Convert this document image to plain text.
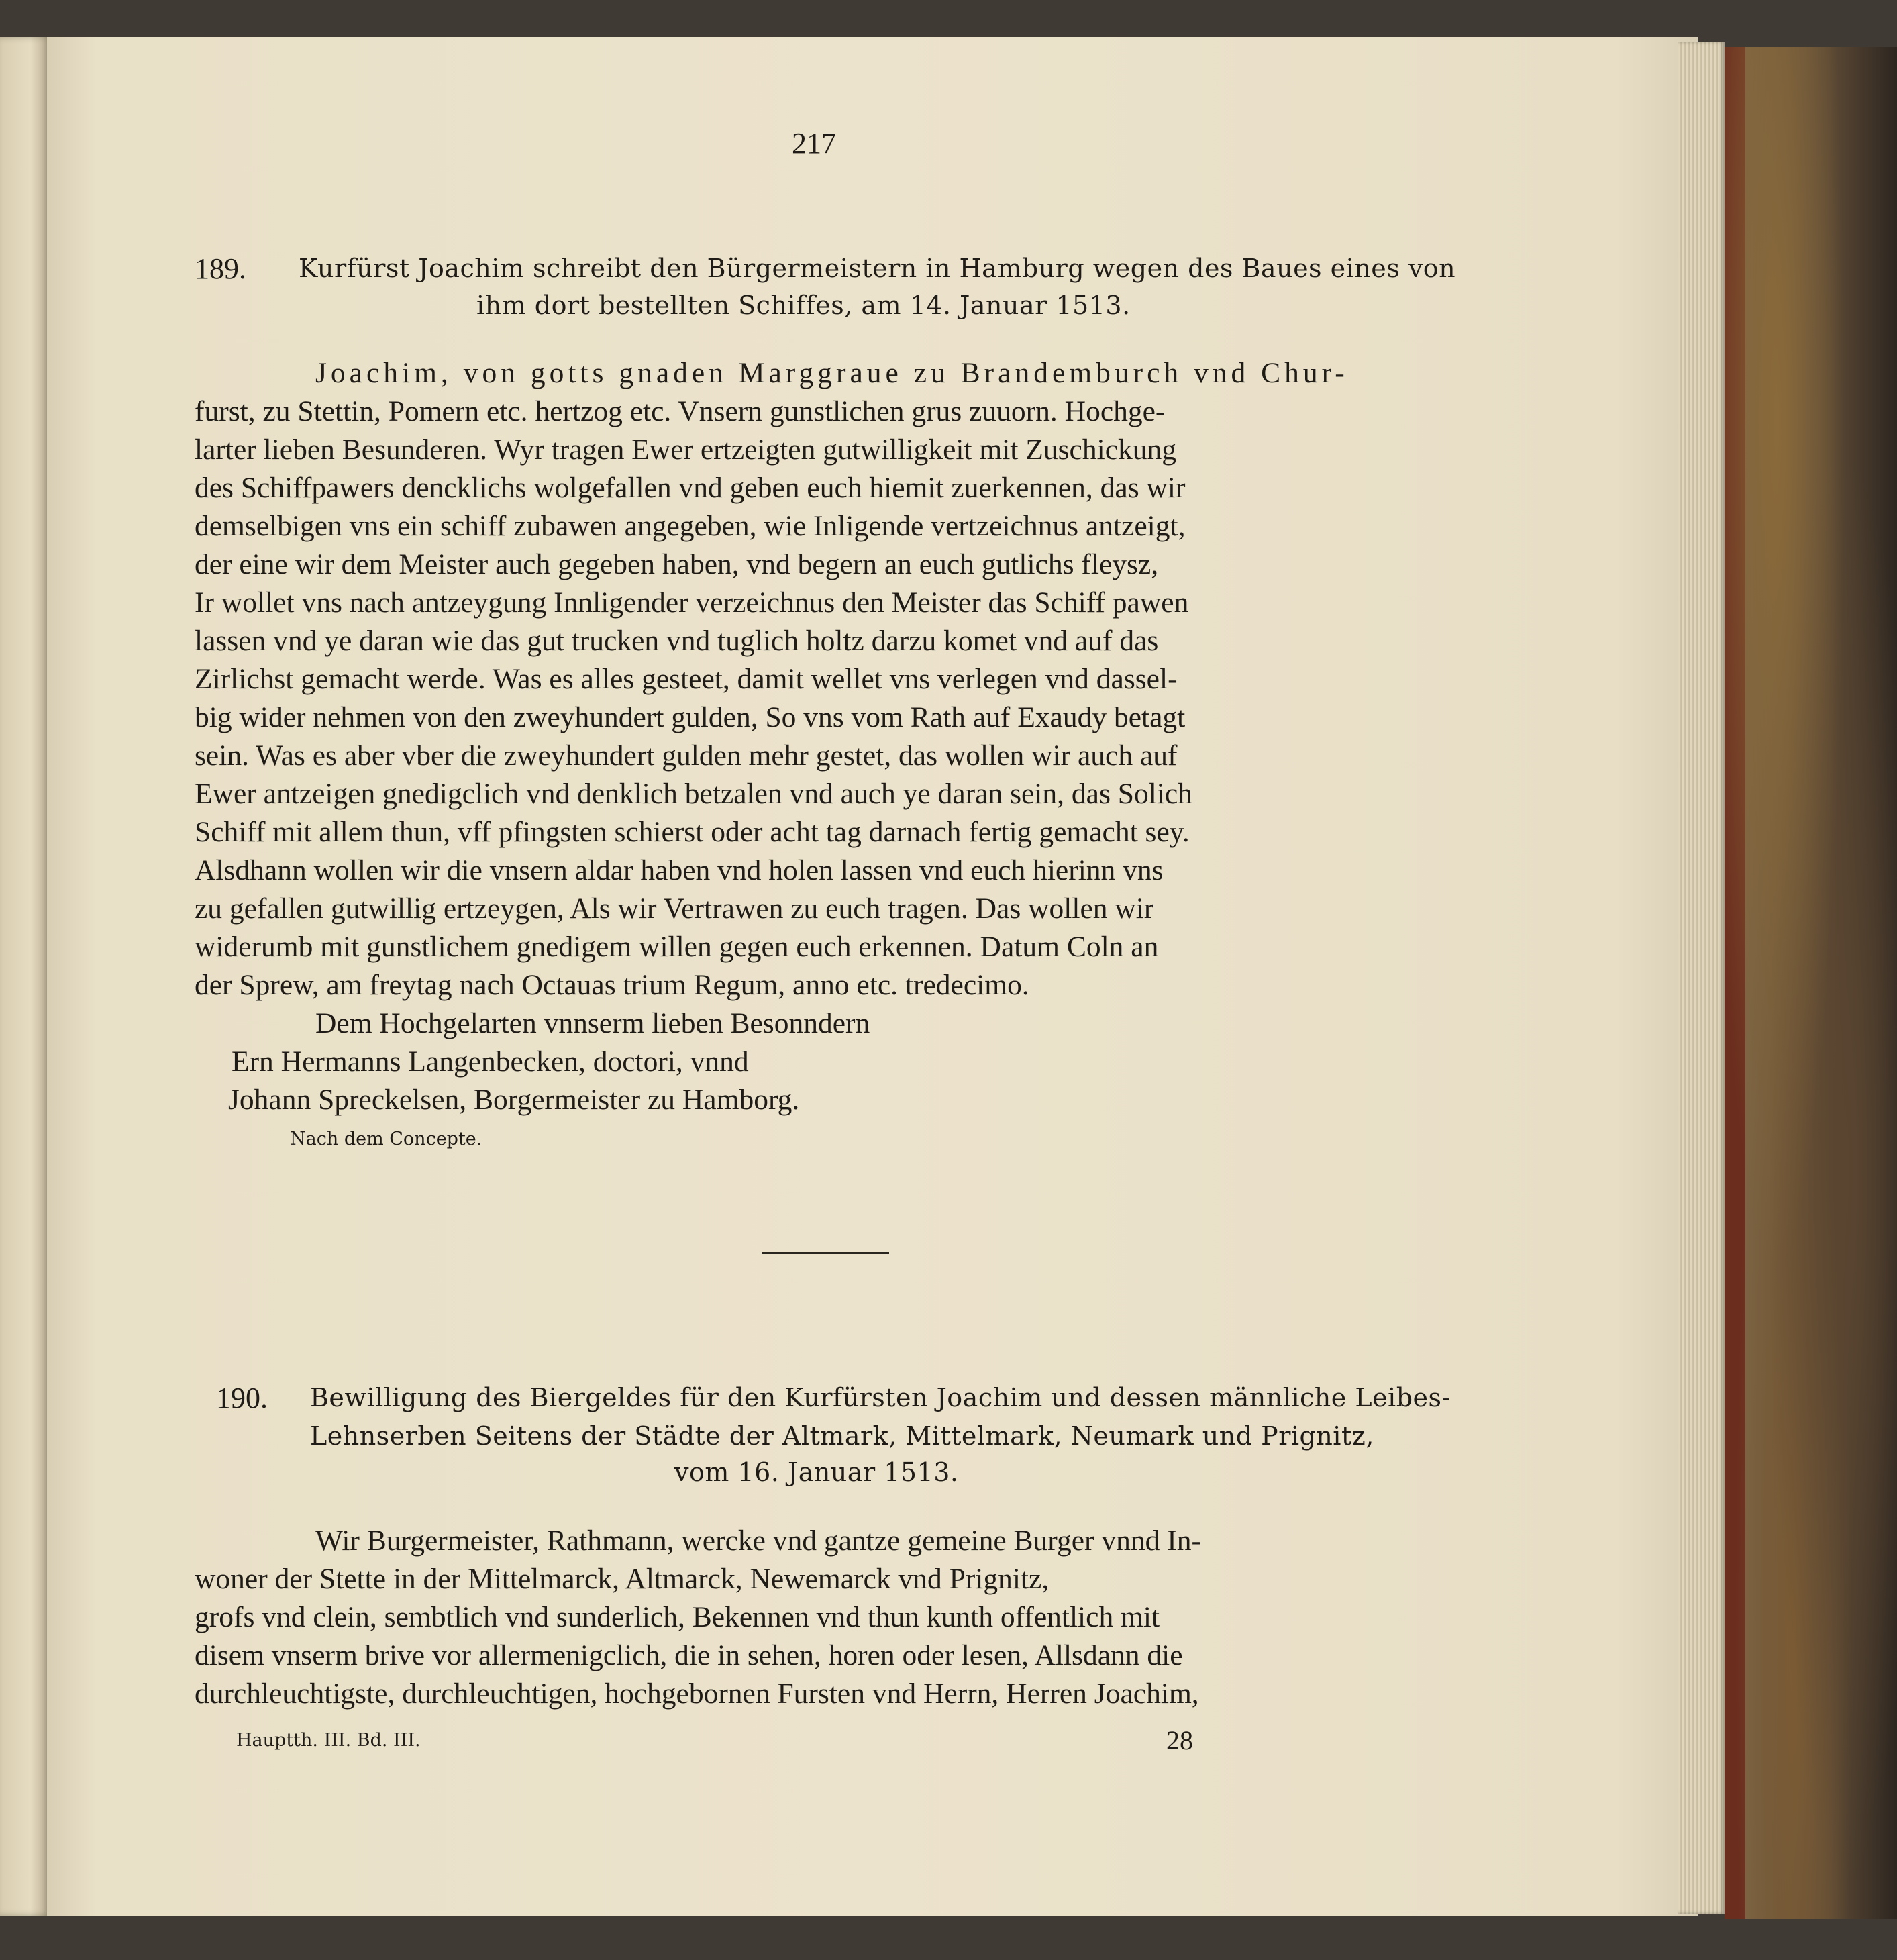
217
189. Kurfürst Joachim schreibt den Bürgermeistern in Hamburg wegen des Baues eines von
ihm dort bestellten Schiffes, am 14. Januar 1513.
Joachim, von gotts gnaden Marggraue zu Brandemburch vnd Chur-
furst, zu Stettin, Pomern etc. hertzog etc. Vnsern gunstlichen grus zuuorn. Hochge-
larter lieben Besunderen. Wyr tragen Ewer ertzeigten gutwilligkeit mit Zuschickung
des Schiffpawers dencklichs wolgefallen vnd geben euch hiemit zuerkennen, das wir
demselbigen vns ein schiff zubawen angegeben, wie Inligende vertzeichnus antzeigt,
der eine wir dem Meister auch gegeben haben, vnd begern an euch gutlichs fleysz,
Ir wollet vns nach antzeygung Innligender verzeichnus den Meister das Schiff pawen
lassen vnd ye daran wie das gut trucken vnd tuglich holtz darzu komet vnd auf das
Zirlichst gemacht werde. Was es alles gesteet, damit wellet vns verlegen vnd dassel-
big wider nehmen von den zweyhundert gulden, So vns vom Rath auf Exaudy betagt
sein. Was es aber vber die zweyhundert gulden mehr gestet, das wollen wir auch auf
Ewer antzeigen gnedigclich vnd denklich betzalen vnd auch ye daran sein, das Solich
Schiff mit allem thun, vff pfingsten schierst oder acht tag darnach fertig gemacht sey.
Alsdhann wollen wir die vnsern aldar haben vnd holen lassen vnd euch hierinn vns
zu gefallen gutwillig ertzeygen, Als wir Vertrawen zu euch tragen. Das wollen wir
widerumb mit gunstlichem gnedigem willen gegen euch erkennen. Datum Coln an
der Sprew, am freytag nach Octauas trium Regum, anno etc. tredecimo.
Dem Hochgelarten vnnserm lieben Besonndern
Ern Hermanns Langenbecken, doctori, vnnd
Johann Spreckelsen, Borgermeister zu Hamborg.
Nach dem Concepte.
190. Bewilligung des Biergeldes für den Kurfürsten Joachim und dessen männliche Leibes-
Lehnserben Seitens der Städte der Altmark, Mittelmark, Neumark und Prignitz,
vom 16. Januar 1513.
Wir Burgermeister, Rathmann, wercke vnd gantze gemeine Burger vnnd In-
woner der Stette in der Mittelmarck, Altmarck, Newemarck vnd Prignitz,
grofs vnd clein, sembtlich vnd sunderlich, Bekennen vnd thun kunth offentlich mit
disem vnserm brive vor allermenigclich, die in sehen, horen oder lesen, Allsdann die
durchleuchtigste, durchleuchtigen, hochgebornen Fursten vnd Herrn, Herren Joachim,
Hauptth. III. Bd. III.	28
